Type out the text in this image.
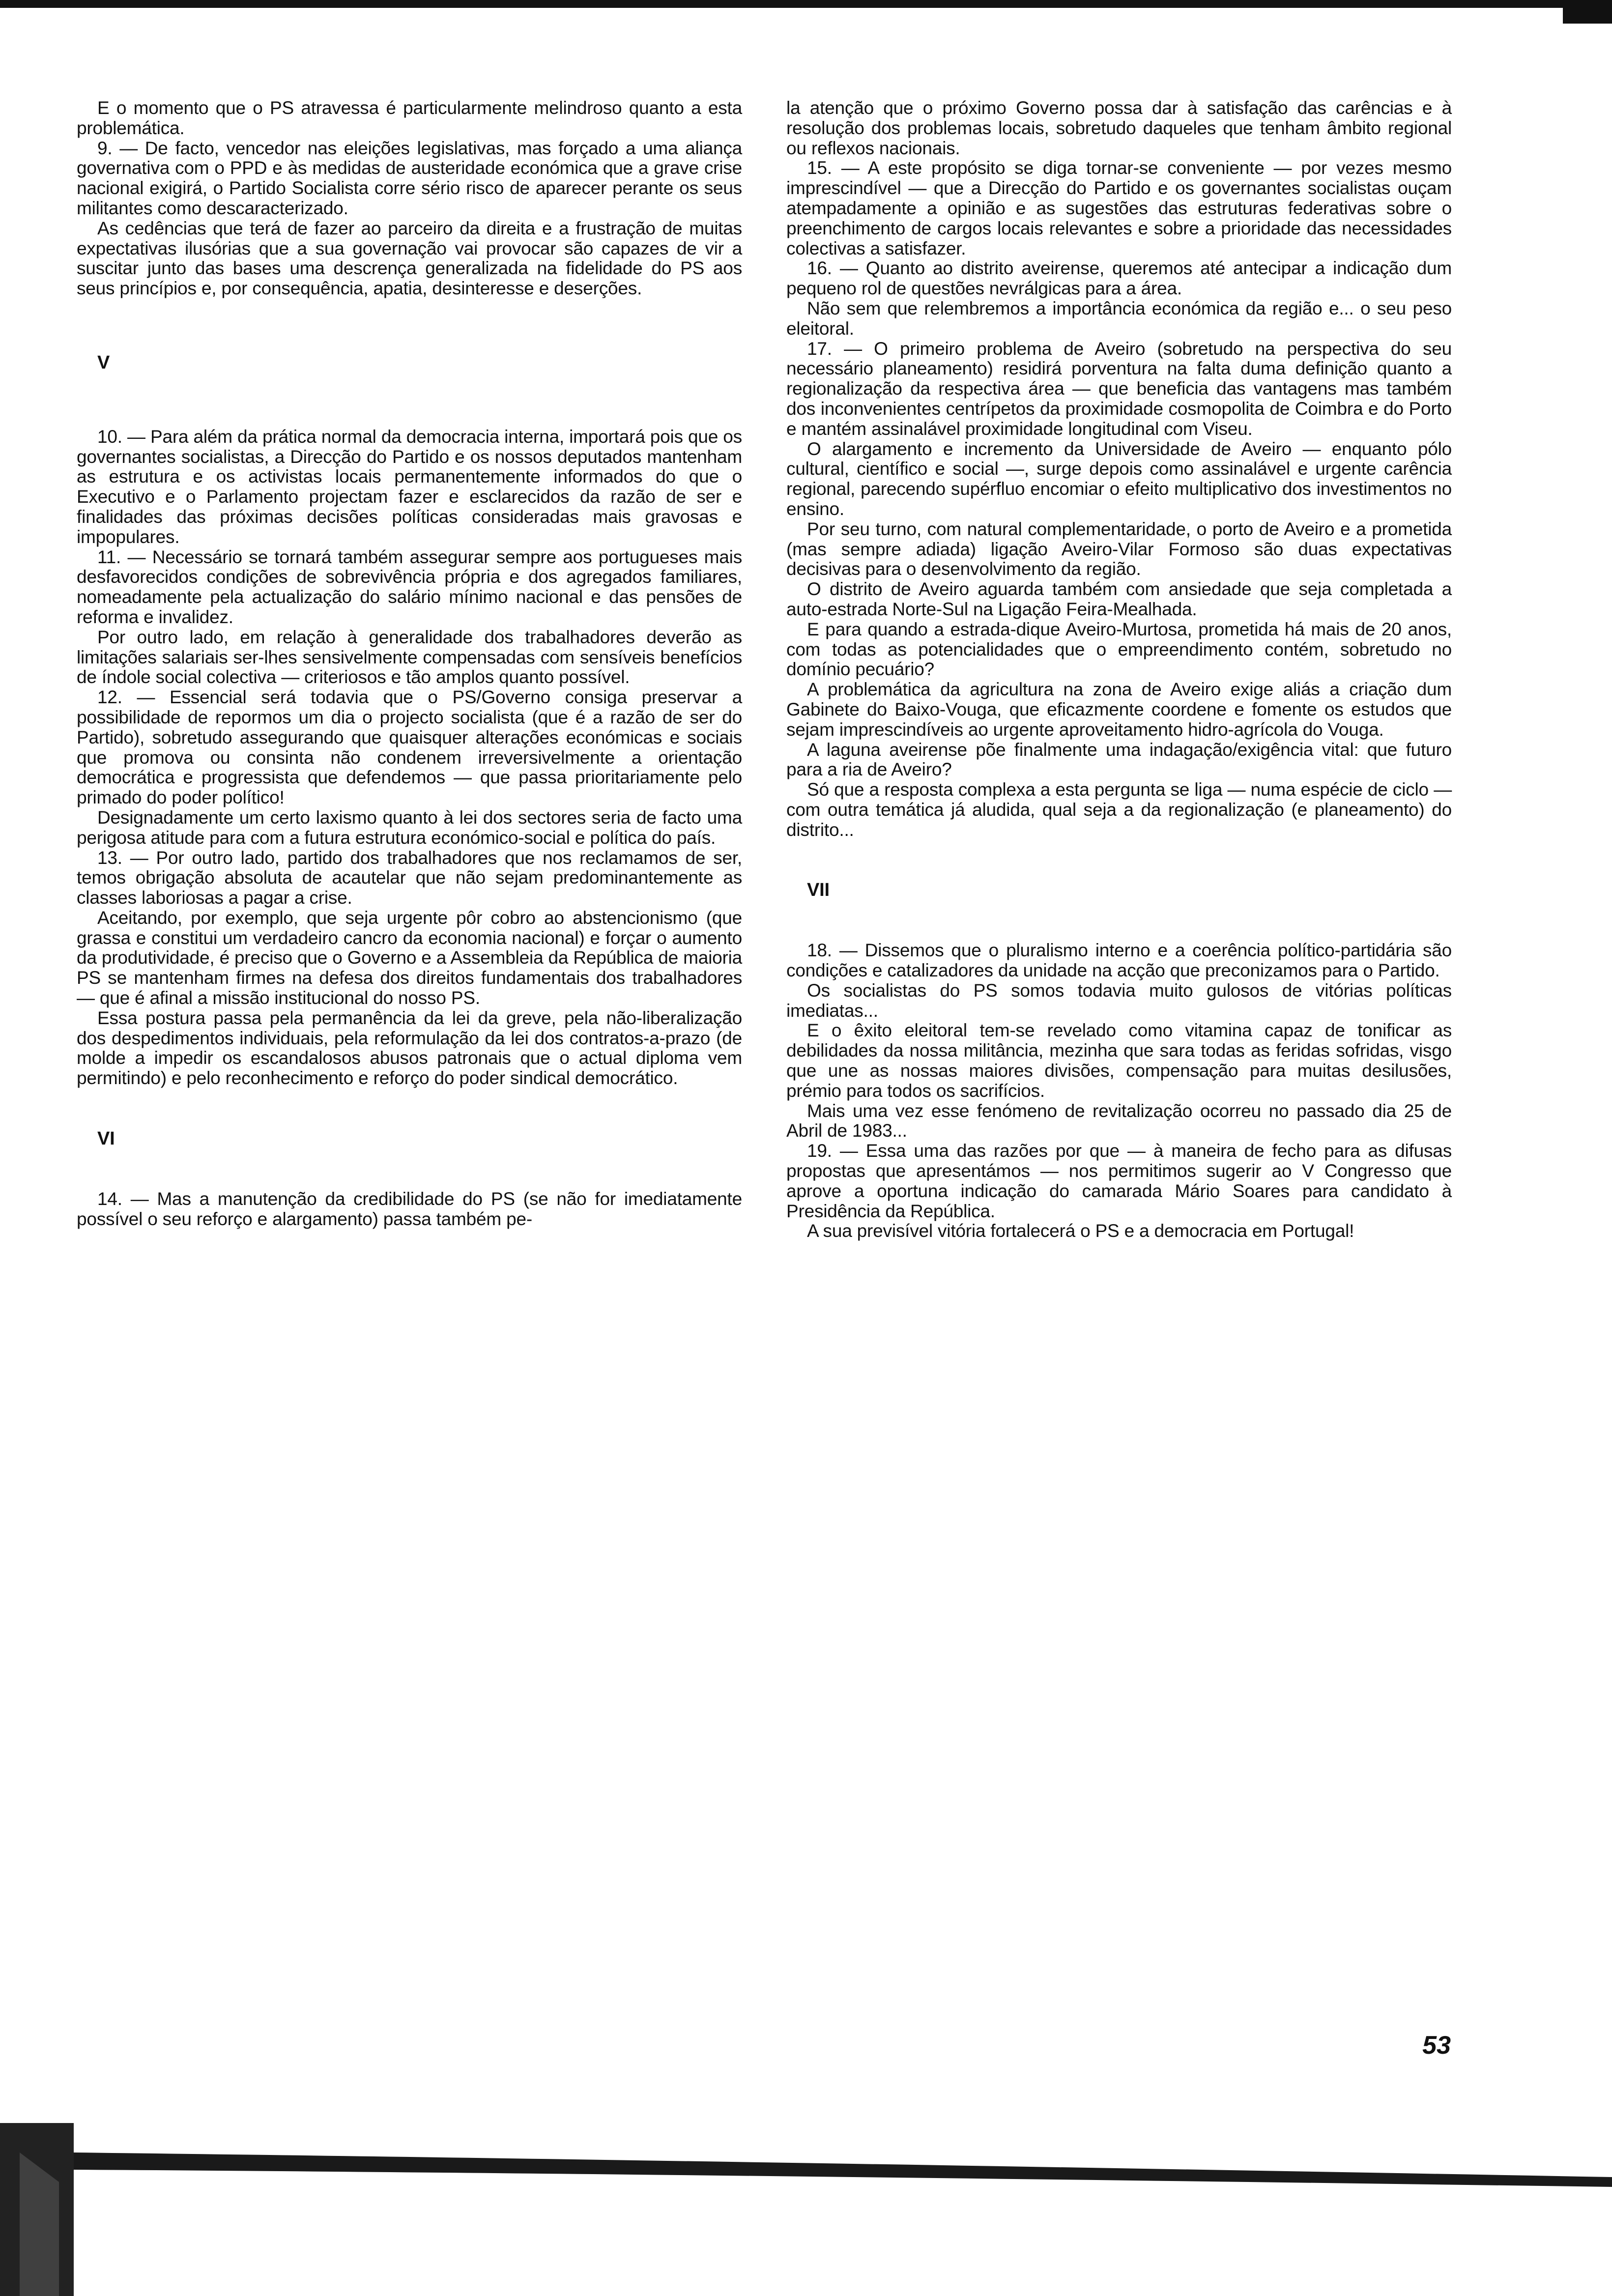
E o momento que o PS atravessa é particularmente melindroso quanto a esta problemática.

9. — De facto, vencedor nas eleições legislativas, mas forçado a uma aliança governativa com o PPD e às medidas de austeridade económica que a grave crise nacional exigirá, o Partido Socialista corre sério risco de aparecer perante os seus militantes como descaracterizado.

As cedências que terá de fazer ao parceiro da direita e a frustração de muitas expectativas ilusórias que a sua governação vai provocar são capazes de vir a suscitar junto das bases uma descrença generalizada na fidelidade do PS aos seus princípios e, por consequência, apatia, desinteresse e deserções.

V

10. — Para além da prática normal da democracia interna, importará pois que os governantes socialistas, a Direcção do Partido e os nossos deputados mantenham as estrutura e os activistas locais permanentemente informados do que o Executivo e o Parlamento projectam fazer e esclarecidos da razão de ser e finalidades das próximas decisões políticas consideradas mais gravosas e impopulares.

11. — Necessário se tornará também assegurar sempre aos portugueses mais desfavorecidos condições de sobrevivência própria e dos agregados familiares, nomeadamente pela actualização do salário mínimo nacional e das pensões de reforma e invalidez.

Por outro lado, em relação à generalidade dos trabalhadores deverão as limitações salariais ser-lhes sensivelmente compensadas com sensíveis benefícios de índole social colectiva — criteriosos e tão amplos quanto possível.

12. — Essencial será todavia que o PS/Governo consiga preservar a possibilidade de repormos um dia o projecto socialista (que é a razão de ser do Partido), sobretudo assegurando que quaisquer alterações económicas e sociais que promova ou consinta não condenem irreversivelmente a orientação democrática e progressista que defendemos — que passa prioritariamente pelo primado do poder político!

Designadamente um certo laxismo quanto à lei dos sectores seria de facto uma perigosa atitude para com a futura estrutura económico-social e política do país.

13. — Por outro lado, partido dos trabalhadores que nos reclamamos de ser, temos obrigação absoluta de acautelar que não sejam predominantemente as classes laboriosas a pagar a crise.

Aceitando, por exemplo, que seja urgente pôr cobro ao abstencionismo (que grassa e constitui um verdadeiro cancro da economia nacional) e forçar o aumento da produtividade, é preciso que o Governo e a Assembleia da República de maioria PS se mantenham firmes na defesa dos direitos fundamentais dos trabalhadores — que é afinal a missão institucional do nosso PS.

Essa postura passa pela permanência da lei da greve, pela não-liberalização dos despedimentos individuais, pela reformulação da lei dos contratos-a-prazo (de molde a impedir os escandalosos abusos patronais que o actual diploma vem permitindo) e pelo reconhecimento e reforço do poder sindical democrático.

VI

14. — Mas a manutenção da credibilidade do PS (se não for imediatamente possível o seu reforço e alargamento) passa também pe-

la atenção que o próximo Governo possa dar à satisfação das carências e à resolução dos problemas locais, sobretudo daqueles que tenham âmbito regional ou reflexos nacionais.

15. — A este propósito se diga tornar-se conveniente — por vezes mesmo imprescindível — que a Direcção do Partido e os governantes socialistas ouçam atempadamente a opinião e as sugestões das estruturas federativas sobre o preenchimento de cargos locais relevantes e sobre a prioridade das necessidades colectivas a satisfazer.

16. — Quanto ao distrito aveirense, queremos até antecipar a indicação dum pequeno rol de questões nevrálgicas para a área.

Não sem que relembremos a importância económica da região e... o seu peso eleitoral.

17. — O primeiro problema de Aveiro (sobretudo na perspectiva do seu necessário planeamento) residirá porventura na falta duma definição quanto a regionalização da respectiva área — que beneficia das vantagens mas também dos inconvenientes centrípetos da proximidade cosmopolita de Coimbra e do Porto e mantém assinalável proximidade longitudinal com Viseu.

O alargamento e incremento da Universidade de Aveiro — enquanto pólo cultural, científico e social —, surge depois como assinalável e urgente carência regional, parecendo supérfluo encomiar o efeito multiplicativo dos investimentos no ensino.

Por seu turno, com natural complementaridade, o porto de Aveiro e a prometida (mas sempre adiada) ligação Aveiro-Vilar Formoso são duas expectativas decisivas para o desenvolvimento da região.

O distrito de Aveiro aguarda também com ansiedade que seja completada a auto-estrada Norte-Sul na Ligação Feira-Mealhada.

E para quando a estrada-dique Aveiro-Murtosa, prometida há mais de 20 anos, com todas as potencialidades que o empreendimento contém, sobretudo no domínio pecuário?

A problemática da agricultura na zona de Aveiro exige aliás a criação dum Gabinete do Baixo-Vouga, que eficazmente coordene e fomente os estudos que sejam imprescindíveis ao urgente aproveitamento hidro-agrícola do Vouga.

A laguna aveirense põe finalmente uma indagação/exigência vital: que futuro para a ria de Aveiro?

Só que a resposta complexa a esta pergunta se liga — numa espécie de ciclo — com outra temática já aludida, qual seja a da regionalização (e planeamento) do distrito...

VII

18. — Dissemos que o pluralismo interno e a coerência político-partidária são condições e catalizadores da unidade na acção que preconizamos para o Partido.

Os socialistas do PS somos todavia muito gulosos de vitórias políticas imediatas...

E o êxito eleitoral tem-se revelado como vitamina capaz de tonificar as debilidades da nossa militância, mezinha que sara todas as feridas sofridas, visgo que une as nossas maiores divisões, compensação para muitas desilusões, prémio para todos os sacrifícios.

Mais uma vez esse fenómeno de revitalização ocorreu no passado dia 25 de Abril de 1983...

19. — Essa uma das razões por que — à maneira de fecho para as difusas propostas que apresentámos — nos permitimos sugerir ao V Congresso que aprove a oportuna indicação do camarada Mário Soares para candidato à Presidência da República.

A sua previsível vitória fortalecerá o PS e a democracia em Portugal!

53
